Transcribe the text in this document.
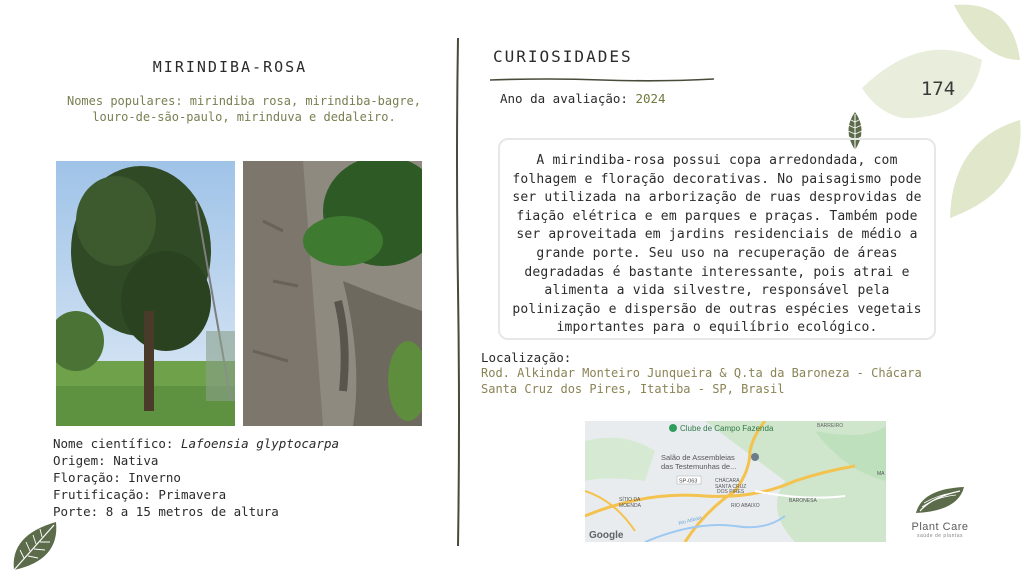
MIRINDIBA-ROSA
Nomes populares: mirindiba rosa, mirindiba-bagre, louro-de-são-paulo, mirinduva e dedaleiro.
Nome científico: Lafoensia glyptocarpa
Origem: Nativa
Floração: Inverno
Frutificação: Primavera
Porte: 8 a 15 metros de altura
CURIOSIDADES
Ano da avaliação: 2024
A mirindiba-rosa possui copa arredondada, com folhagem e floração decorativas. No paisagismo pode ser utilizada na arborização de ruas desprovidas de fiação elétrica e em parques e praças. Também pode ser aproveitada em jardins residenciais de médio a grande porte. Seu uso na recuperação de áreas degradadas é bastante interessante, pois atrai e alimenta a vida silvestre, responsável pela polinização e dispersão de outras espécies vegetais importantes para o equilíbrio ecológico.
Localização:
Rod. Alkindar Monteiro Junqueira & Q.ta da Baroneza - Chácara Santa Cruz dos Pires, Itatiba - SP, Brasil
Clube de Campo Fazenda	BARREIRO
Salão de Assembleias
das Testemunhas de...
SP-063	CHÁCARA
SANTA CRUZ
DOS PIRES
SÍTIO DA
MOENDA	RIO ABAIXO
BARONESA
Rio Atibaia
MA
Google
174
Plant Care
saúde de plantas
